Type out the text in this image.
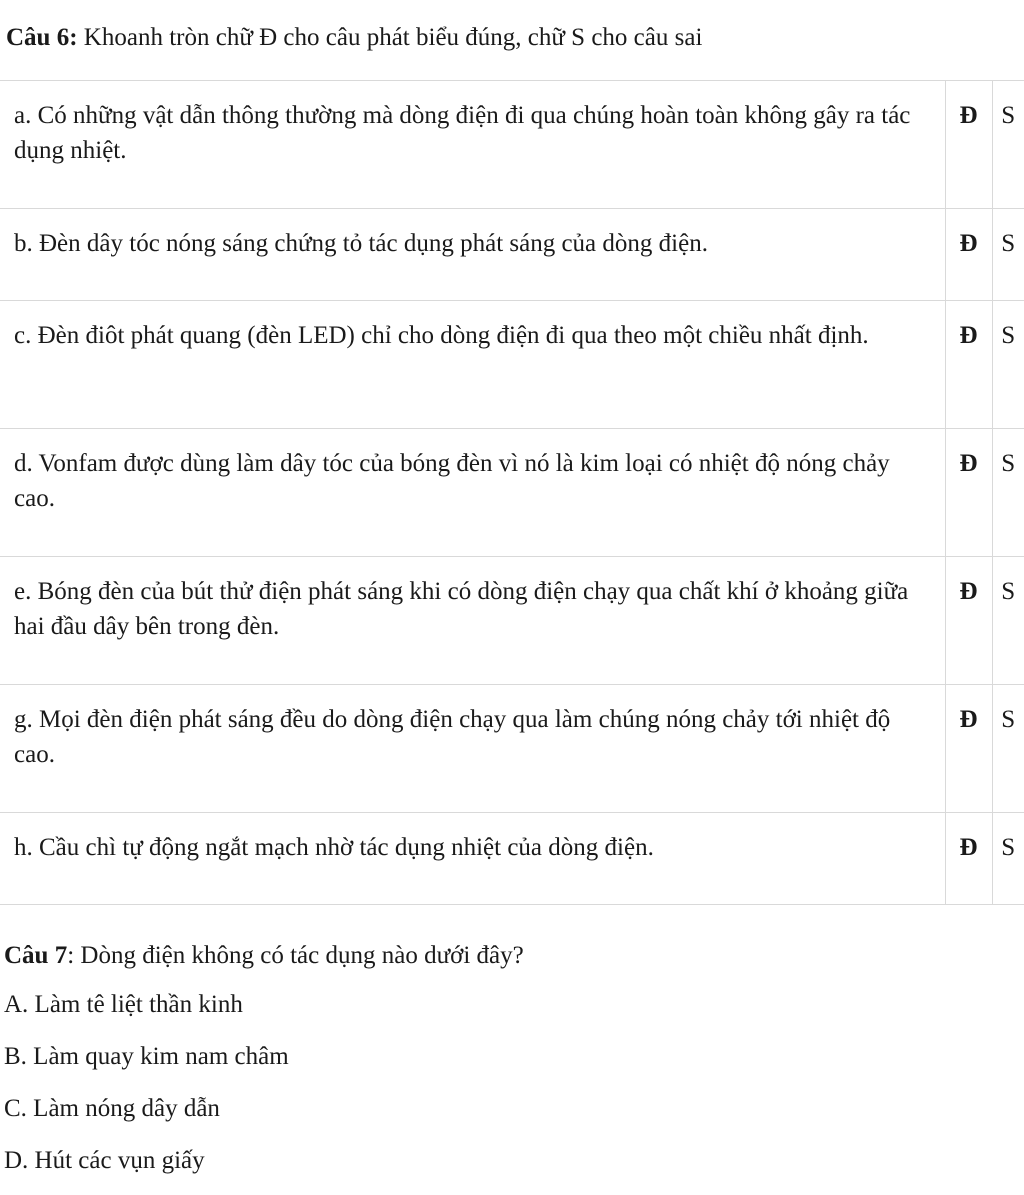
Câu 6: Khoanh tròn chữ Đ cho câu phát biểu đúng, chữ S cho câu sai
a. Có những vật dẫn thông thường mà dòng điện đi qua chúng hoàn toàn không gây ra tác dụng nhiệt.	Đ	S
b. Đèn dây tóc nóng sáng chứng tỏ tác dụng phát sáng của dòng điện.	Đ	S
c. Đèn điôt phát quang (đèn LED) chỉ cho dòng điện đi qua theo một chiều nhất định.	Đ	S
d. Vonfam được dùng làm dây tóc của bóng đèn vì nó là kim loại có nhiệt độ nóng chảy cao.	Đ	S
e. Bóng đèn của bút thử điện phát sáng khi có dòng điện chạy qua chất khí ở khoảng giữa hai đầu dây bên trong đèn.	Đ	S
g. Mọi đèn điện phát sáng đều do dòng điện chạy qua làm chúng nóng chảy tới nhiệt độ cao.	Đ	S
h. Cầu chì tự động ngắt mạch nhờ tác dụng nhiệt của dòng điện.	Đ	S
Câu 7: Dòng điện không có tác dụng nào dưới đây?
A. Làm tê liệt thần kinh
B. Làm quay kim nam châm
C. Làm nóng dây dẫn
D. Hút các vụn giấy
